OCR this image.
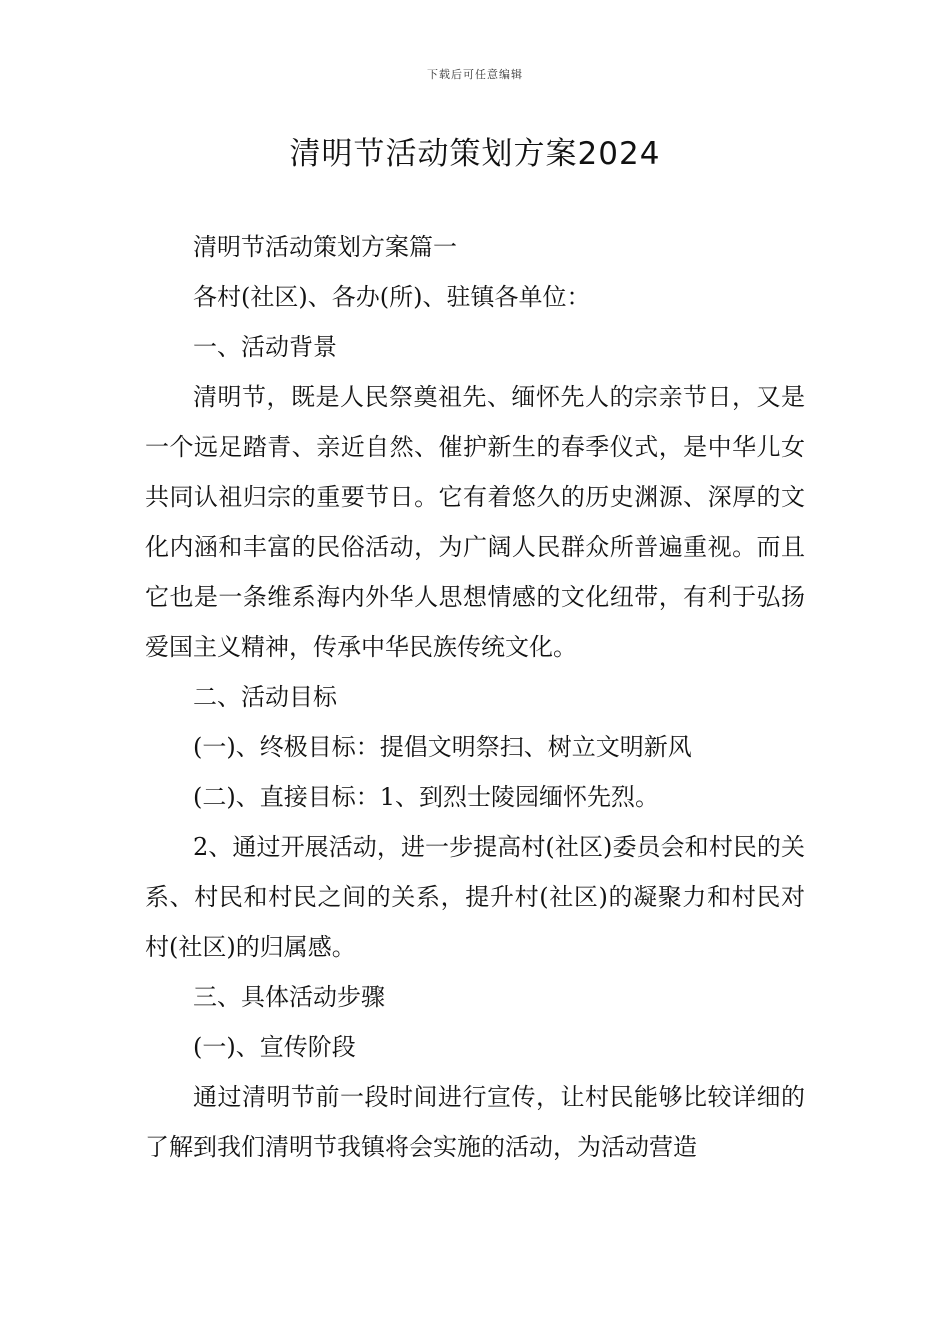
下载后可任意编辑
清明节活动策划方案2024

清明节活动策划方案篇一

各村(社区)、各办(所)、驻镇各单位：

一、活动背景

清明节，既是人民祭奠祖先、缅怀先人的宗亲节日，又是一个远足踏青、亲近自然、催护新生的春季仪式，是中华儿女共同认祖归宗的重要节日。它有着悠久的历史渊源、深厚的文化内涵和丰富的民俗活动，为广阔人民群众所普遍重视。而且它也是一条维系海内外华人思想情感的文化纽带，有利于弘扬爱国主义精神，传承中华民族传统文化。

二、活动目标

(一)、终极目标：提倡文明祭扫、树立文明新风

(二)、直接目标：1、到烈士陵园缅怀先烈。

2、通过开展活动，进一步提高村(社区)委员会和村民的关系、村民和村民之间的关系，提升村(社区)的凝聚力和村民对村(社区)的归属感。

三、具体活动步骤

(一)、宣传阶段

通过清明节前一段时间进行宣传，让村民能够比较详细的了解到我们清明节我镇将会实施的活动，为活动营造
